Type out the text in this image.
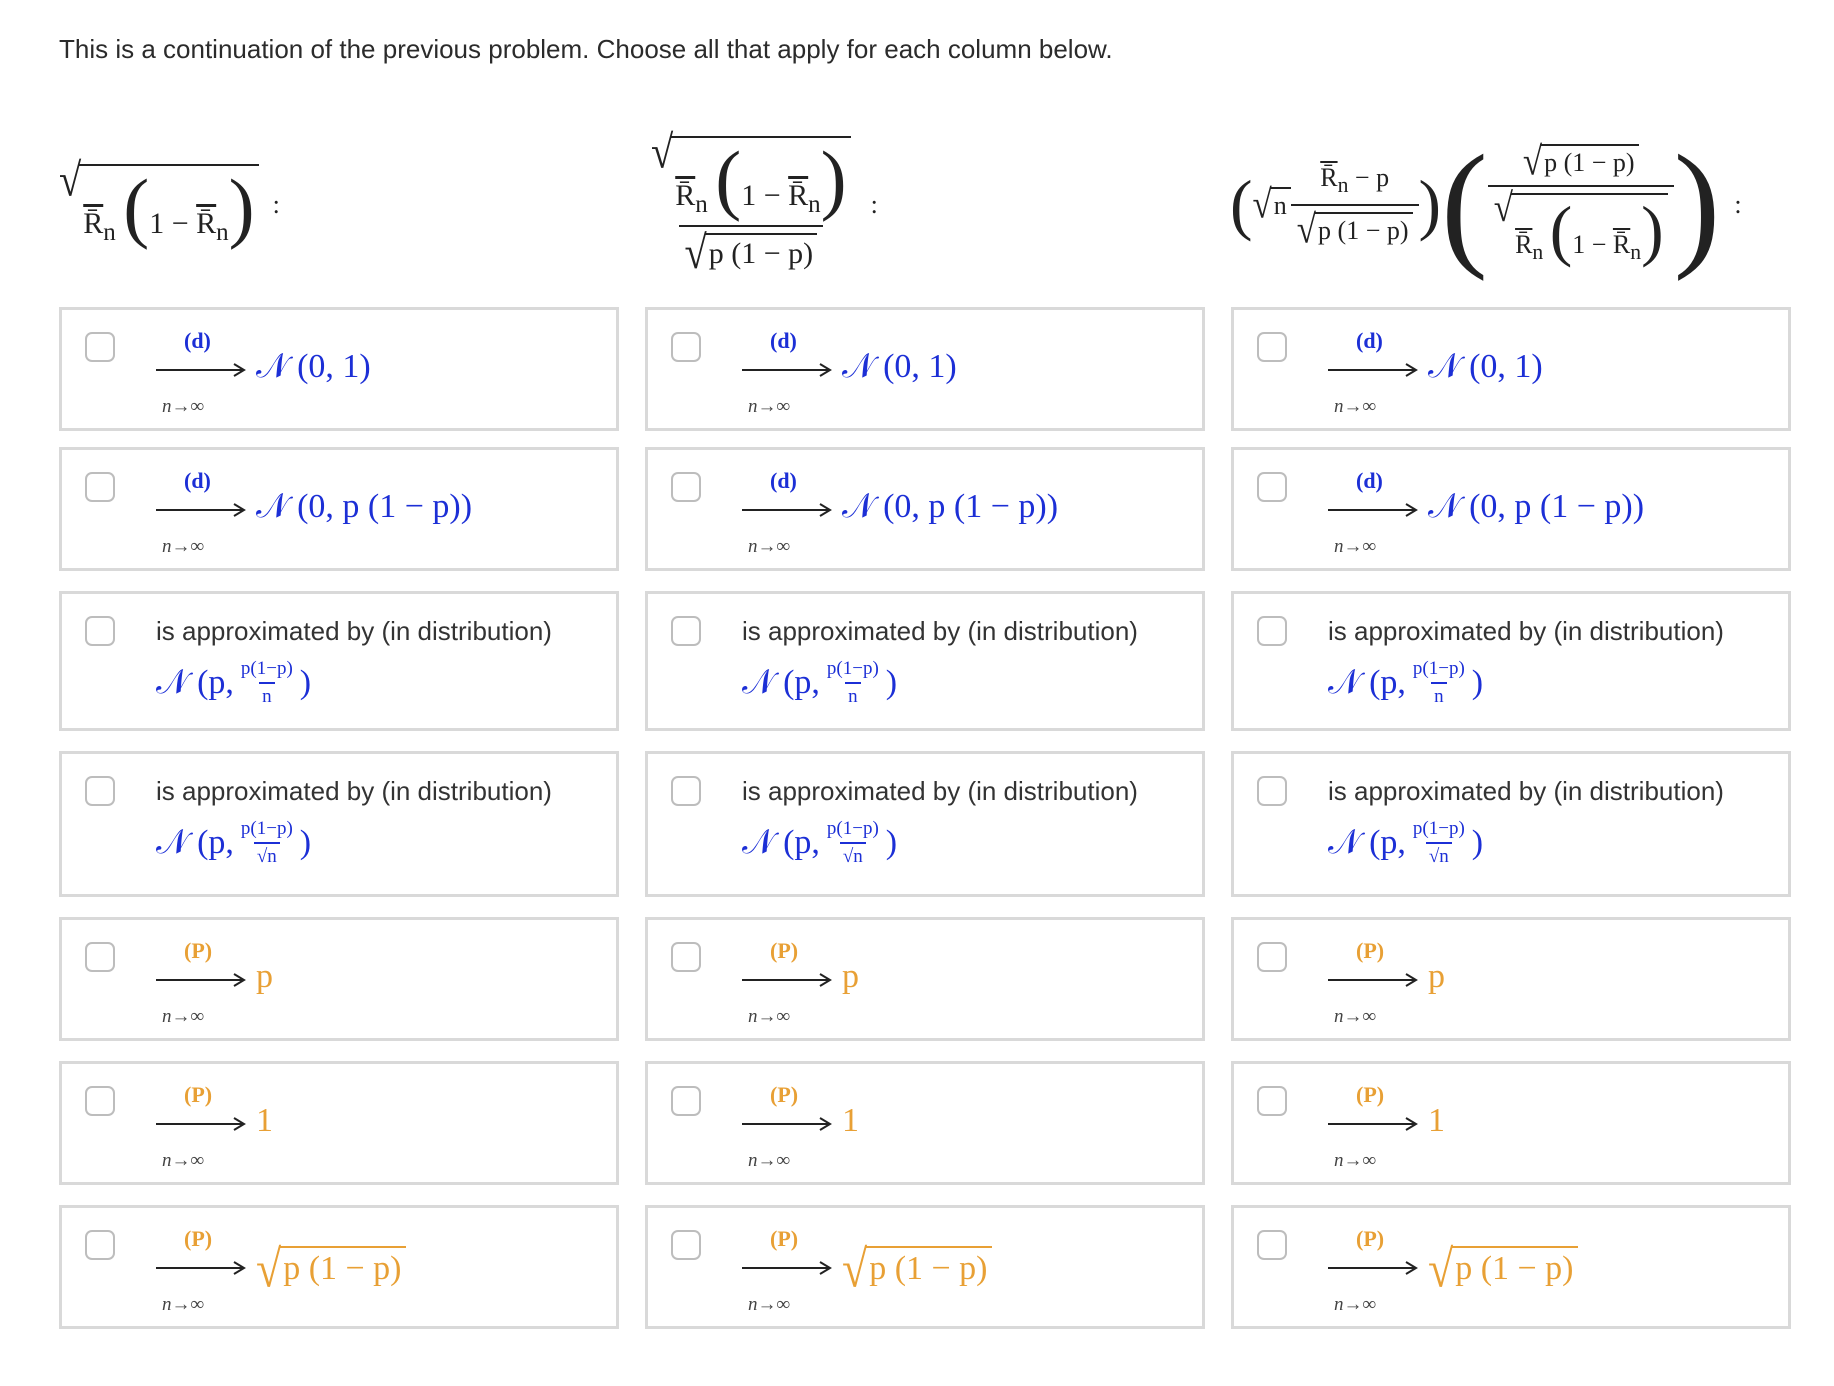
This is a continuation of the previous problem. Choose all that apply for each column below.
√
$R̄_n$ $(1 - R̄_n)$ :	√
$R̄_n$ $(1 - R̄_n)$
√ p (1 − p) :	( √ n $\frac{R̄_n - p}{√ p (1 - p)}$ ) ( √ p (1 − p)
√
$R̄_n$ $(1 - R̄_n)$ ) :
(d)
n→∞
𝒩 (0, 1)
(d)
n→∞
𝒩 (0, 1)
(d)
n→∞
𝒩 (0, 1)
(d)
n→∞
𝒩 (0, p (1 − p))
(d)
n→∞
𝒩 (0, p (1 − p))
(d)
n→∞
𝒩 (0, p (1 − p))
is approximated by (in distribution)
𝒩 (p, p(1−p)
n )
is approximated by (in distribution)
𝒩 (p, p(1−p)
n )
is approximated by (in distribution)
𝒩 (p, p(1−p)
n )
is approximated by (in distribution)
𝒩 (p, p(1−p)
√n )
is approximated by (in distribution)
𝒩 (p, p(1−p)
√n )
is approximated by (in distribution)
𝒩 (p, p(1−p)
√n )
(P)
n→∞
p
(P)
n→∞
p
(P)
n→∞
p
(P)
n→∞
1
(P)
n→∞
1
(P)
n→∞
1
(P)
n→∞
√ p (1 − p)
(P)
n→∞
√ p (1 − p)
(P)
n→∞
√ p (1 − p)
